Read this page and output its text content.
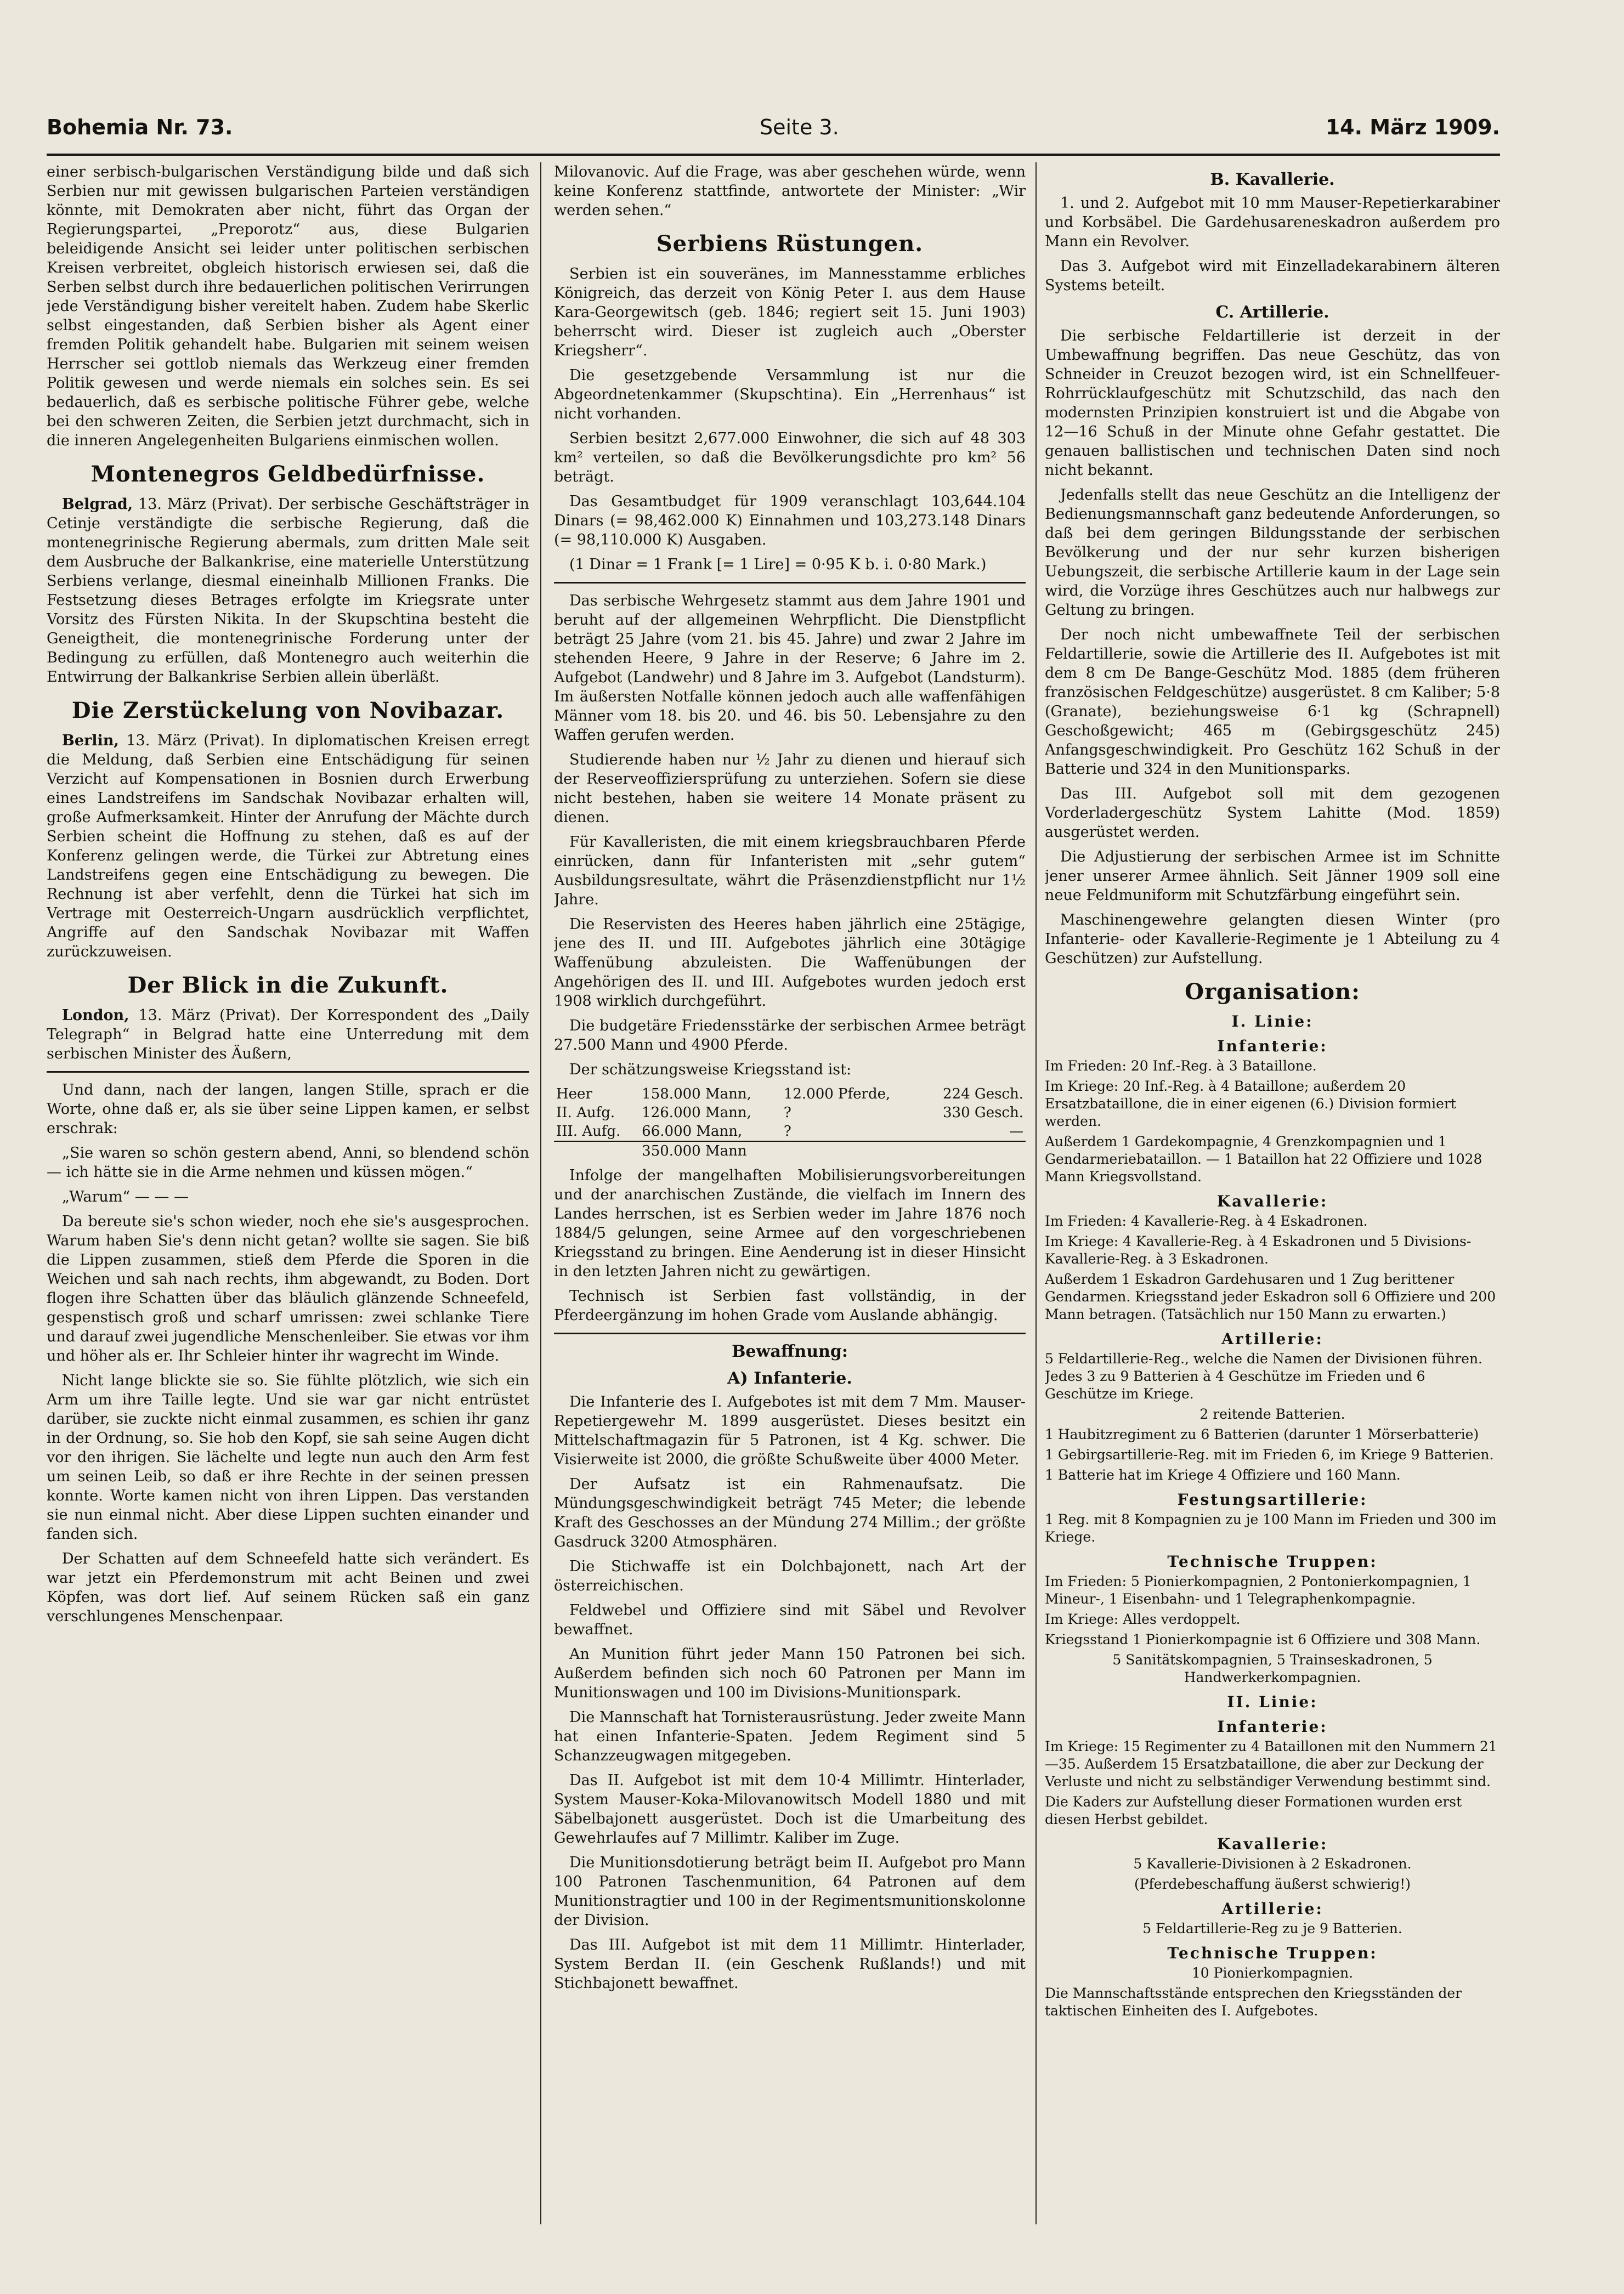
Bohemia Nr. 73.	Seite 3.	14. März 1909.

einer serbisch-bulgarischen Verständigung bilde und daß sich Serbien nur mit gewissen bulgarischen Parteien verständigen könnte, mit Demokraten aber nicht, führt das Organ der Regierungspartei, „Preporotz“ aus, diese Bulgarien beleidigende Ansicht sei leider unter politischen serbischen Kreisen verbreitet, obgleich historisch erwiesen sei, daß die Serben selbst durch ihre bedauerlichen politischen Verirrungen jede Verständigung bisher vereitelt haben. Zudem habe Skerlic selbst eingestanden, daß Serbien bisher als Agent einer fremden Politik gehandelt habe. Bulgarien mit seinem weisen Herrscher sei gottlob niemals das Werkzeug einer fremden Politik gewesen und werde niemals ein solches sein. Es sei bedauerlich, daß es serbische politische Führer gebe, welche bei den schweren Zeiten, die Serbien jetzt durchmacht, sich in die inneren Angelegenheiten Bulgariens einmischen wollen.

Montenegros Geldbedürfnisse.

Belgrad, 13. März (Privat). Der serbische Geschäftsträger in Cetinje verständigte die serbische Regierung, daß die montenegrinische Regierung abermals, zum dritten Male seit dem Ausbruche der Balkankrise, eine materielle Unterstützung Serbiens verlange, diesmal eineinhalb Millionen Franks. Die Festsetzung dieses Betrages erfolgte im Kriegsrate unter Vorsitz des Fürsten Nikita. In der Skupschtina besteht die Geneigtheit, die montenegrinische Forderung unter der Bedingung zu erfüllen, daß Montenegro auch weiterhin die Entwirrung der Balkankrise Serbien allein überläßt.

Die Zerstückelung von Novibazar.

Berlin, 13. März (Privat). In diplomatischen Kreisen erregt die Meldung, daß Serbien eine Entschädigung für seinen Verzicht auf Kompensationen in Bosnien durch Erwerbung eines Landstreifens im Sandschak Novibazar erhalten will, große Aufmerksamkeit. Hinter der Anrufung der Mächte durch Serbien scheint die Hoffnung zu stehen, daß es auf der Konferenz gelingen werde, die Türkei zur Abtretung eines Landstreifens gegen eine Entschädigung zu bewegen. Die Rechnung ist aber verfehlt, denn die Türkei hat sich im Vertrage mit Oesterreich-Ungarn ausdrücklich verpflichtet, Angriffe auf den Sandschak Novibazar mit Waffen zurückzuweisen.

Der Blick in die Zukunft.

London, 13. März (Privat). Der Korrespondent des „Daily Telegraph“ in Belgrad hatte eine Unterredung mit dem serbischen Minister des Äußern,

Und dann, nach der langen, langen Stille, sprach er die Worte, ohne daß er, als sie über seine Lippen kamen, er selbst erschrak:

„Sie waren so schön gestern abend, Anni, so blendend schön — ich hätte sie in die Arme nehmen und küssen mögen.“

„Warum“ — — —

Da bereute sie's schon wieder, noch ehe sie's ausgesprochen. Warum haben Sie's denn nicht getan? wollte sie sagen. Sie biß die Lippen zusammen, stieß dem Pferde die Sporen in die Weichen und sah nach rechts, ihm abgewandt, zu Boden. Dort flogen ihre Schatten über das bläulich glänzende Schneefeld, gespenstisch groß und scharf umrissen: zwei schlanke Tiere und darauf zwei jugendliche Menschenleiber. Sie etwas vor ihm und höher als er. Ihr Schleier hinter ihr wagrecht im Winde.

Nicht lange blickte sie so. Sie fühlte plötzlich, wie sich ein Arm um ihre Taille legte. Und sie war gar nicht entrüstet darüber, sie zuckte nicht einmal zusammen, es schien ihr ganz in der Ordnung, so. Sie hob den Kopf, sie sah seine Augen dicht vor den ihrigen. Sie lächelte und legte nun auch den Arm fest um seinen Leib, so daß er ihre Rechte in der seinen pressen konnte. Worte kamen nicht von ihren Lippen. Das verstanden sie nun einmal nicht. Aber diese Lippen suchten einander und fanden sich.

Der Schatten auf dem Schneefeld hatte sich verändert. Es war jetzt ein Pferdemonstrum mit acht Beinen und zwei Köpfen, was dort lief. Auf seinem Rücken saß ein ganz verschlungenes Menschenpaar.

Milovanovic. Auf die Frage, was aber geschehen würde, wenn keine Konferenz stattfinde, antwortete der Minister: „Wir werden sehen.“

Serbiens Rüstungen.

Serbien ist ein souveränes, im Mannesstamme erbliches Königreich, das derzeit von König Peter I. aus dem Hause Kara-Georgewitsch (geb. 1846; regiert seit 15. Juni 1903) beherrscht wird. Dieser ist zugleich auch „Oberster Kriegsherr“.

Die gesetzgebende Versammlung ist nur die Abgeordnetenkammer (Skupschtina). Ein „Herrenhaus“ ist nicht vorhanden.

Serbien besitzt 2,677.000 Einwohner, die sich auf 48 303 km² verteilen, so daß die Bevölkerungsdichte pro km² 56 beträgt.

Das Gesamtbudget für 1909 veranschlagt 103,644.104 Dinars (= 98,462.000 K) Einnahmen und 103,273.148 Dinars (= 98,110.000 K) Ausgaben.

(1 Dinar = 1 Frank [= 1 Lire] = 0·95 K b. i. 0·80 Mark.)

Das serbische Wehrgesetz stammt aus dem Jahre 1901 und beruht auf der allgemeinen Wehrpflicht. Die Dienstpflicht beträgt 25 Jahre (vom 21. bis 45. Jahre) und zwar 2 Jahre im stehenden Heere, 9 Jahre in der Reserve; 6 Jahre im 2. Aufgebot (Landwehr) und 8 Jahre im 3. Aufgebot (Landsturm). Im äußersten Notfalle können jedoch auch alle waffenfähigen Männer vom 18. bis 20. und 46. bis 50. Lebensjahre zu den Waffen gerufen werden.

Studierende haben nur ½ Jahr zu dienen und hierauf sich der Reserveoffiziersprüfung zu unterziehen. Sofern sie diese nicht bestehen, haben sie weitere 14 Monate präsent zu dienen.

Für Kavalleristen, die mit einem kriegsbrauchbaren Pferde einrücken, dann für Infanteristen mit „sehr gutem“ Ausbildungsresultate, währt die Präsenzdienstpflicht nur 1½ Jahre.

Die Reservisten des Heeres haben jährlich eine 25tägige, jene des II. und III. Aufgebotes jährlich eine 30tägige Waffenübung abzuleisten. Die Waffenübungen der Angehörigen des II. und III. Aufgebotes wurden jedoch erst 1908 wirklich durchgeführt.

Die budgetäre Friedensstärke der serbischen Armee beträgt 27.500 Mann und 4900 Pferde.

Der schätzungsweise Kriegsstand ist:

Heer	158.000 Mann,	12.000 Pferde,	224 Gesch.
II. Aufg.	126.000 Mann,	?	330 Gesch.
III. Aufg.	66.000 Mann,	?	—
	350.000 Mann		

Infolge der mangelhaften Mobilisierungsvorbereitungen und der anarchischen Zustände, die vielfach im Innern des Landes herrschen, ist es Serbien weder im Jahre 1876 noch 1884/5 gelungen, seine Armee auf den vorgeschriebenen Kriegsstand zu bringen. Eine Aenderung ist in dieser Hinsicht in den letzten Jahren nicht zu gewärtigen.

Technisch ist Serbien fast vollständig, in der Pferdeergänzung im hohen Grade vom Auslande abhängig.

Bewaffnung:
A) Infanterie.

Die Infanterie des I. Aufgebotes ist mit dem 7 Mm. Mauser-Repetiergewehr M. 1899 ausgerüstet. Dieses besitzt ein Mittelschaftmagazin für 5 Patronen, ist 4 Kg. schwer. Die Visierweite ist 2000, die größte Schußweite über 4000 Meter.

Der Aufsatz ist ein Rahmenaufsatz. Die Mündungsgeschwindigkeit beträgt 745 Meter; die lebende Kraft des Geschosses an der Mündung 274 Millim.; der größte Gasdruck 3200 Atmosphären.

Die Stichwaffe ist ein Dolchbajonett, nach Art der österreichischen.

Feldwebel und Offiziere sind mit Säbel und Revolver bewaffnet.

An Munition führt jeder Mann 150 Patronen bei sich. Außerdem befinden sich noch 60 Patronen per Mann im Munitionswagen und 100 im Divisions-Munitionspark.

Die Mannschaft hat Tornisterausrüstung. Jeder zweite Mann hat einen Infanterie-Spaten. Jedem Regiment sind 5 Schanzzeugwagen mitgegeben.

Das II. Aufgebot ist mit dem 10·4 Millimtr. Hinterlader, System Mauser-Koka-Milovanowitsch Modell 1880 und mit Säbelbajonett ausgerüstet. Doch ist die Umarbeitung des Gewehrlaufes auf 7 Millimtr. Kaliber im Zuge.

Die Munitionsdotierung beträgt beim II. Aufgebot pro Mann 100 Patronen Taschenmunition, 64 Patronen auf dem Munitionstragtier und 100 in der Regimentsmunitionskolonne der Division.

Das III. Aufgebot ist mit dem 11 Millimtr. Hinterlader, System Berdan II. (ein Geschenk Rußlands!) und mit Stichbajonett bewaffnet.

B. Kavallerie.

1. und 2. Aufgebot mit 10 mm Mauser-Repetierkarabiner und Korbsäbel. Die Gardehusareneskadron außerdem pro Mann ein Revolver.

Das 3. Aufgebot wird mit Einzelladekarabinern älteren Systems beteilt.

C. Artillerie.

Die serbische Feldartillerie ist derzeit in der Umbewaffnung begriffen. Das neue Geschütz, das von Schneider in Creuzot bezogen wird, ist ein Schnellfeuer-Rohrrücklaufgeschütz mit Schutzschild, das nach den modernsten Prinzipien konstruiert ist und die Abgabe von 12—16 Schuß in der Minute ohne Gefahr gestattet. Die genauen ballistischen und technischen Daten sind noch nicht bekannt.

Jedenfalls stellt das neue Geschütz an die Intelligenz der Bedienungsmannschaft ganz bedeutende Anforderungen, so daß bei dem geringen Bildungsstande der serbischen Bevölkerung und der nur sehr kurzen bisherigen Uebungszeit, die serbische Artillerie kaum in der Lage sein wird, die Vorzüge ihres Geschützes auch nur halbwegs zur Geltung zu bringen.

Der noch nicht umbewaffnete Teil der serbischen Feldartillerie, sowie die Artillerie des II. Aufgebotes ist mit dem 8 cm De Bange-Geschütz Mod. 1885 (dem früheren französischen Feldgeschütze) ausgerüstet. 8 cm Kaliber; 5·8 (Granate), beziehungsweise 6·1 kg (Schrapnell) Geschoßgewicht; 465 m (Gebirgsgeschütz 245) Anfangsgeschwindigkeit. Pro Geschütz 162 Schuß in der Batterie und 324 in den Munitionsparks.

Das III. Aufgebot soll mit dem gezogenen Vorderladergeschütz System Lahitte (Mod. 1859) ausgerüstet werden.

Die Adjustierung der serbischen Armee ist im Schnitte jener unserer Armee ähnlich. Seit Jänner 1909 soll eine neue Feldmuniform mit Schutzfärbung eingeführt sein.

Maschinengewehre gelangten diesen Winter (pro Infanterie- oder Kavallerie-Regimente je 1 Abteilung zu 4 Geschützen) zur Aufstellung.

Organisation:
I. Linie:
Infanterie:

Im Frieden: 20 Inf.-Reg. à 3 Bataillone.

Im Kriege: 20 Inf.-Reg. à 4 Bataillone; außerdem 20 Ersatzbataillone, die in einer eigenen (6.) Division formiert werden.

Außerdem 1 Gardekompagnie, 4 Grenzkompagnien und 1 Gendarmeriebataillon. — 1 Bataillon hat 22 Offiziere und 1028 Mann Kriegsvollstand.

Kavallerie:

Im Frieden: 4 Kavallerie-Reg. à 4 Eskadronen.

Im Kriege: 4 Kavallerie-Reg. à 4 Eskadronen und 5 Divisions-Kavallerie-Reg. à 3 Eskadronen.

Außerdem 1 Eskadron Gardehusaren und 1 Zug berittener Gendarmen. Kriegsstand jeder Eskadron soll 6 Offiziere und 200 Mann betragen. (Tatsächlich nur 150 Mann zu erwarten.)

Artillerie:

5 Feldartillerie-Reg., welche die Namen der Divisionen führen. Jedes 3 zu 9 Batterien à 4 Geschütze im Frieden und 6 Geschütze im Kriege.

2 reitende Batterien.

1 Haubitzregiment zu 6 Batterien (darunter 1 Mörserbatterie)

1 Gebirgsartillerie-Reg. mit im Frieden 6, im Kriege 9 Batterien.

1 Batterie hat im Kriege 4 Offiziere und 160 Mann.

Festungsartillerie:

1 Reg. mit 8 Kompagnien zu je 100 Mann im Frieden und 300 im Kriege.

Technische Truppen:

Im Frieden: 5 Pionierkompagnien, 2 Pontonierkompagnien, 1 Mineur-, 1 Eisenbahn- und 1 Telegraphenkompagnie.

Im Kriege: Alles verdoppelt.

Kriegsstand 1 Pionierkompagnie ist 6 Offiziere und 308 Mann.

5 Sanitätskompagnien, 5 Trainseskadronen, 5 Handwerkerkompagnien.

II. Linie:
Infanterie:

Im Kriege: 15 Regimenter zu 4 Bataillonen mit den Nummern 21—35. Außerdem 15 Ersatzbataillone, die aber zur Deckung der Verluste und nicht zu selbständiger Verwendung bestimmt sind.

Die Kaders zur Aufstellung dieser Formationen wurden erst diesen Herbst gebildet.

Kavallerie:

5 Kavallerie-Divisionen à 2 Eskadronen.

(Pferdebeschaffung äußerst schwierig!)

Artillerie:

5 Feldartillerie-Reg zu je 9 Batterien.

Technische Truppen:

10 Pionierkompagnien.

Die Mannschaftsstände entsprechen den Kriegsständen der taktischen Einheiten des I. Aufgebotes.
